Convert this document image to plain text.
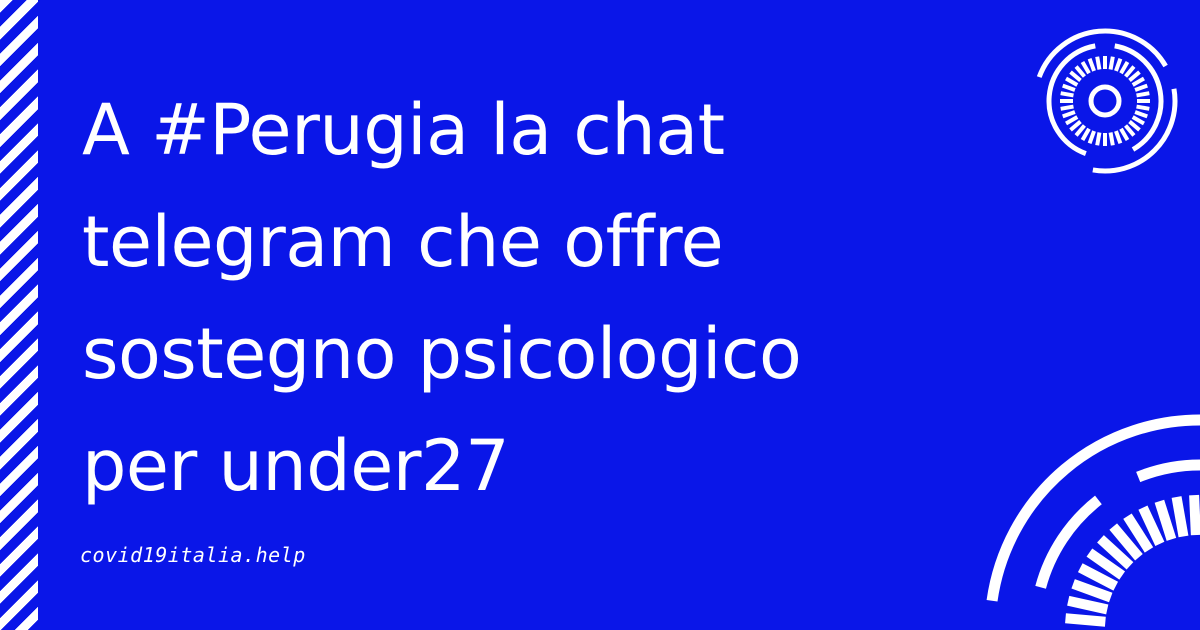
A #Perugia la chat
telegram che offre
sostegno psicologico
per under27
covid19italia.help
